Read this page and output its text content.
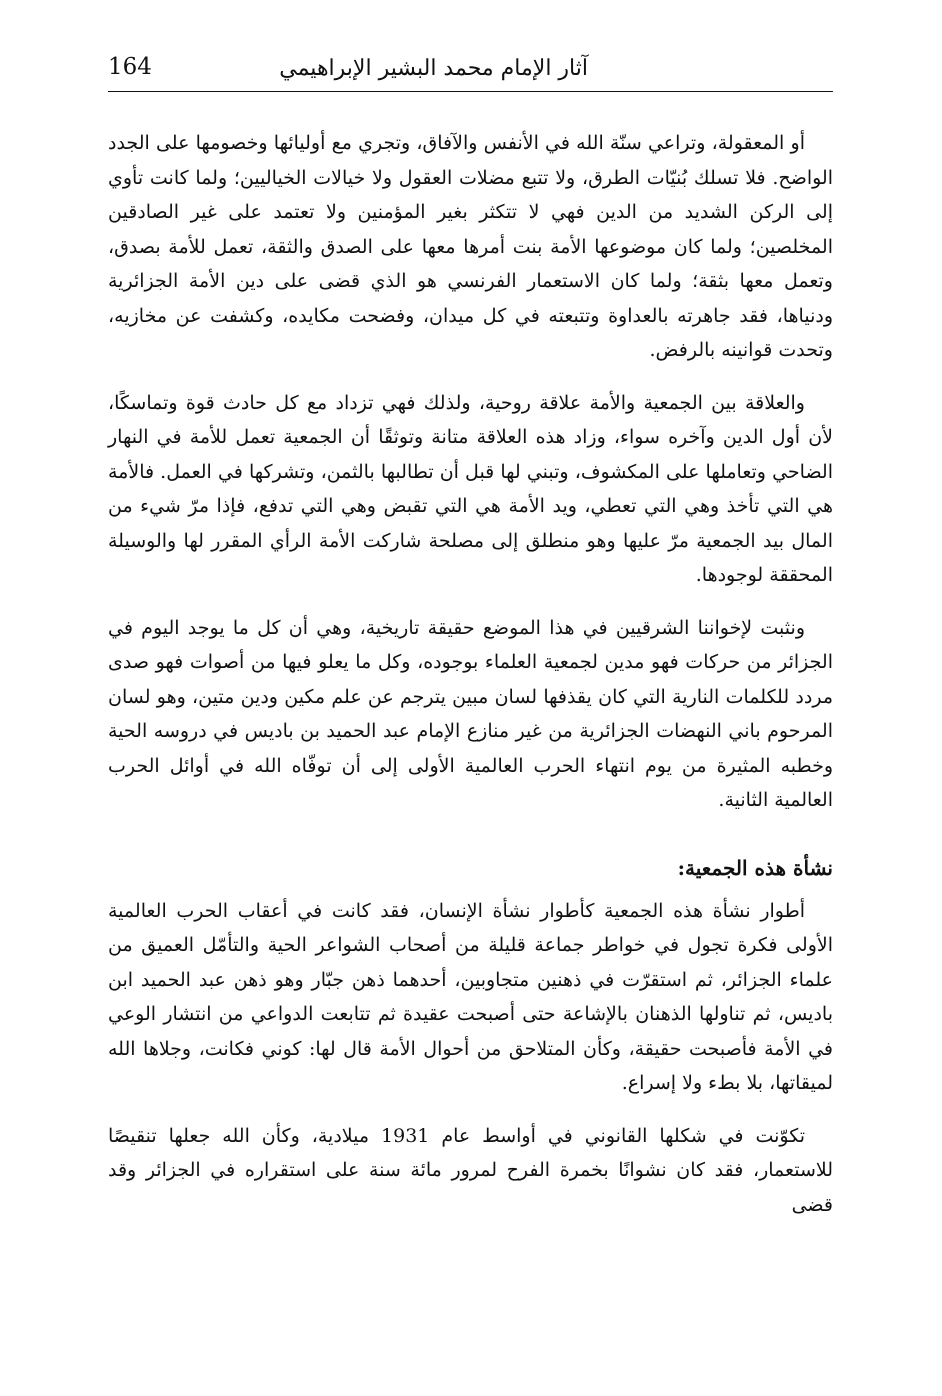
آثار الإمام محمد البشير الإبراهيمي
164

أو المعقولة، وتراعي سنّة الله في الأنفس والآفاق، وتجري مع أوليائها وخصومها على الجدد الواضح. فلا تسلك بُنيّات الطرق، ولا تتبع مضلات العقول ولا خيالات الخياليين؛ ولما كانت تأوي إلى الركن الشديد من الدين فهي لا تتكثر بغير المؤمنين ولا تعتمد على غير الصادقين المخلصين؛ ولما كان موضوعها الأمة بنت أمرها معها على الصدق والثقة، تعمل للأمة بصدق، وتعمل معها بثقة؛ ولما كان الاستعمار الفرنسي هو الذي قضى على دين الأمة الجزائرية ودنياها، فقد جاهرته بالعداوة وتتبعته في كل ميدان، وفضحت مكايده، وكشفت عن مخازيه، وتحدت قوانينه بالرفض.

والعلاقة بين الجمعية والأمة علاقة روحية، ولذلك فهي تزداد مع كل حادث قوة وتماسكًا، لأن أول الدين وآخره سواء، وزاد هذه العلاقة متانة وتوثقًا أن الجمعية تعمل للأمة في النهار الضاحي وتعاملها على المكشوف، وتبني لها قبل أن تطالبها بالثمن، وتشركها في العمل. فالأمة هي التي تأخذ وهي التي تعطي، ويد الأمة هي التي تقبض وهي التي تدفع، فإذا مرّ شيء من المال بيد الجمعية مرّ عليها وهو منطلق إلى مصلحة شاركت الأمة الرأي المقرر لها والوسيلة المحققة لوجودها.

ونثبت لإخواننا الشرقيين في هذا الموضع حقيقة تاريخية، وهي أن كل ما يوجد اليوم في الجزائر من حركات فهو مدين لجمعية العلماء بوجوده، وكل ما يعلو فيها من أصوات فهو صدى مردد للكلمات النارية التي كان يقذفها لسان مبين يترجم عن علم مكين ودين متين، وهو لسان المرحوم باني النهضات الجزائرية من غير منازع الإمام عبد الحميد بن باديس في دروسه الحية وخطبه المثيرة من يوم انتهاء الحرب العالمية الأولى إلى أن توفّاه الله في أوائل الحرب العالمية الثانية.

نشأة هذه الجمعية:

أطوار نشأة هذه الجمعية كأطوار نشأة الإنسان، فقد كانت في أعقاب الحرب العالمية الأولى فكرة تجول في خواطر جماعة قليلة من أصحاب الشواعر الحية والتأمّل العميق من علماء الجزائر، ثم استقرّت في ذهنين متجاوبين، أحدهما ذهن جبّار وهو ذهن عبد الحميد ابن باديس، ثم تناولها الذهنان بالإشاعة حتى أصبحت عقيدة ثم تتابعت الدواعي من انتشار الوعي في الأمة فأصبحت حقيقة، وكأن المتلاحق من أحوال الأمة قال لها: كوني فكانت، وجلاها الله لميقاتها، بلا بطء ولا إسراع.

تكوّنت في شكلها القانوني في أواسط عام 1931 ميلادية، وكأن الله جعلها تنقيصًا للاستعمار، فقد كان نشوانًا بخمرة الفرح لمرور مائة سنة على استقراره في الجزائر وقد قضى
